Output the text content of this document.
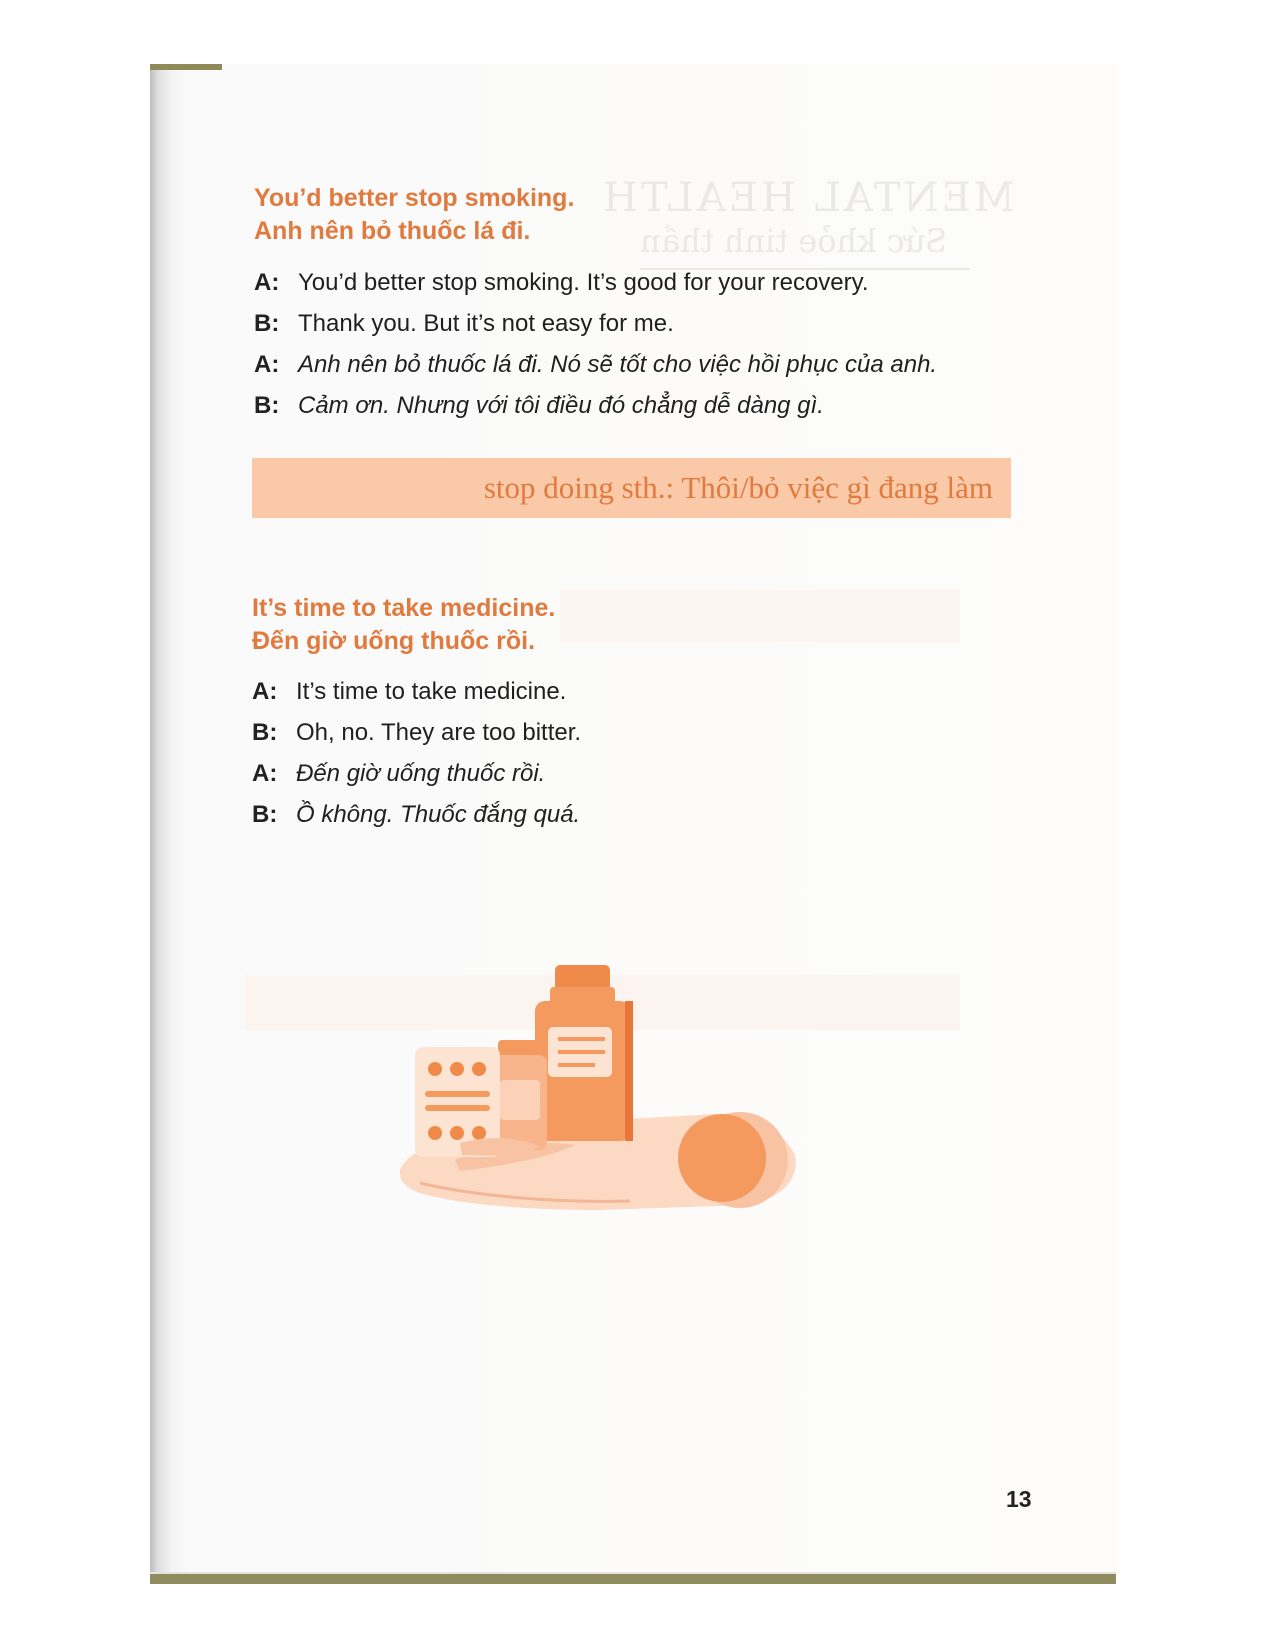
MENTAL HEALTH
Sức khỏe tinh thần
You’d better stop smoking.
Anh nên bỏ thuốc lá đi.
A: You’d better stop smoking. It’s good for your recovery.
B: Thank you. But it’s not easy for me.
A: Anh nên bỏ thuốc lá đi. Nó sẽ tốt cho việc hồi phục của anh.
B: Cảm ơn. Nhưng với tôi điều đó chẳng dễ dàng gì.
stop doing sth.: Thôi/bỏ việc gì đang làm
It’s time to take medicine.
Đến giờ uống thuốc rồi.
A: It’s time to take medicine.
B: Oh, no. They are too bitter.
A: Đến giờ uống thuốc rồi.
B: Ồ không. Thuốc đắng quá.
13
